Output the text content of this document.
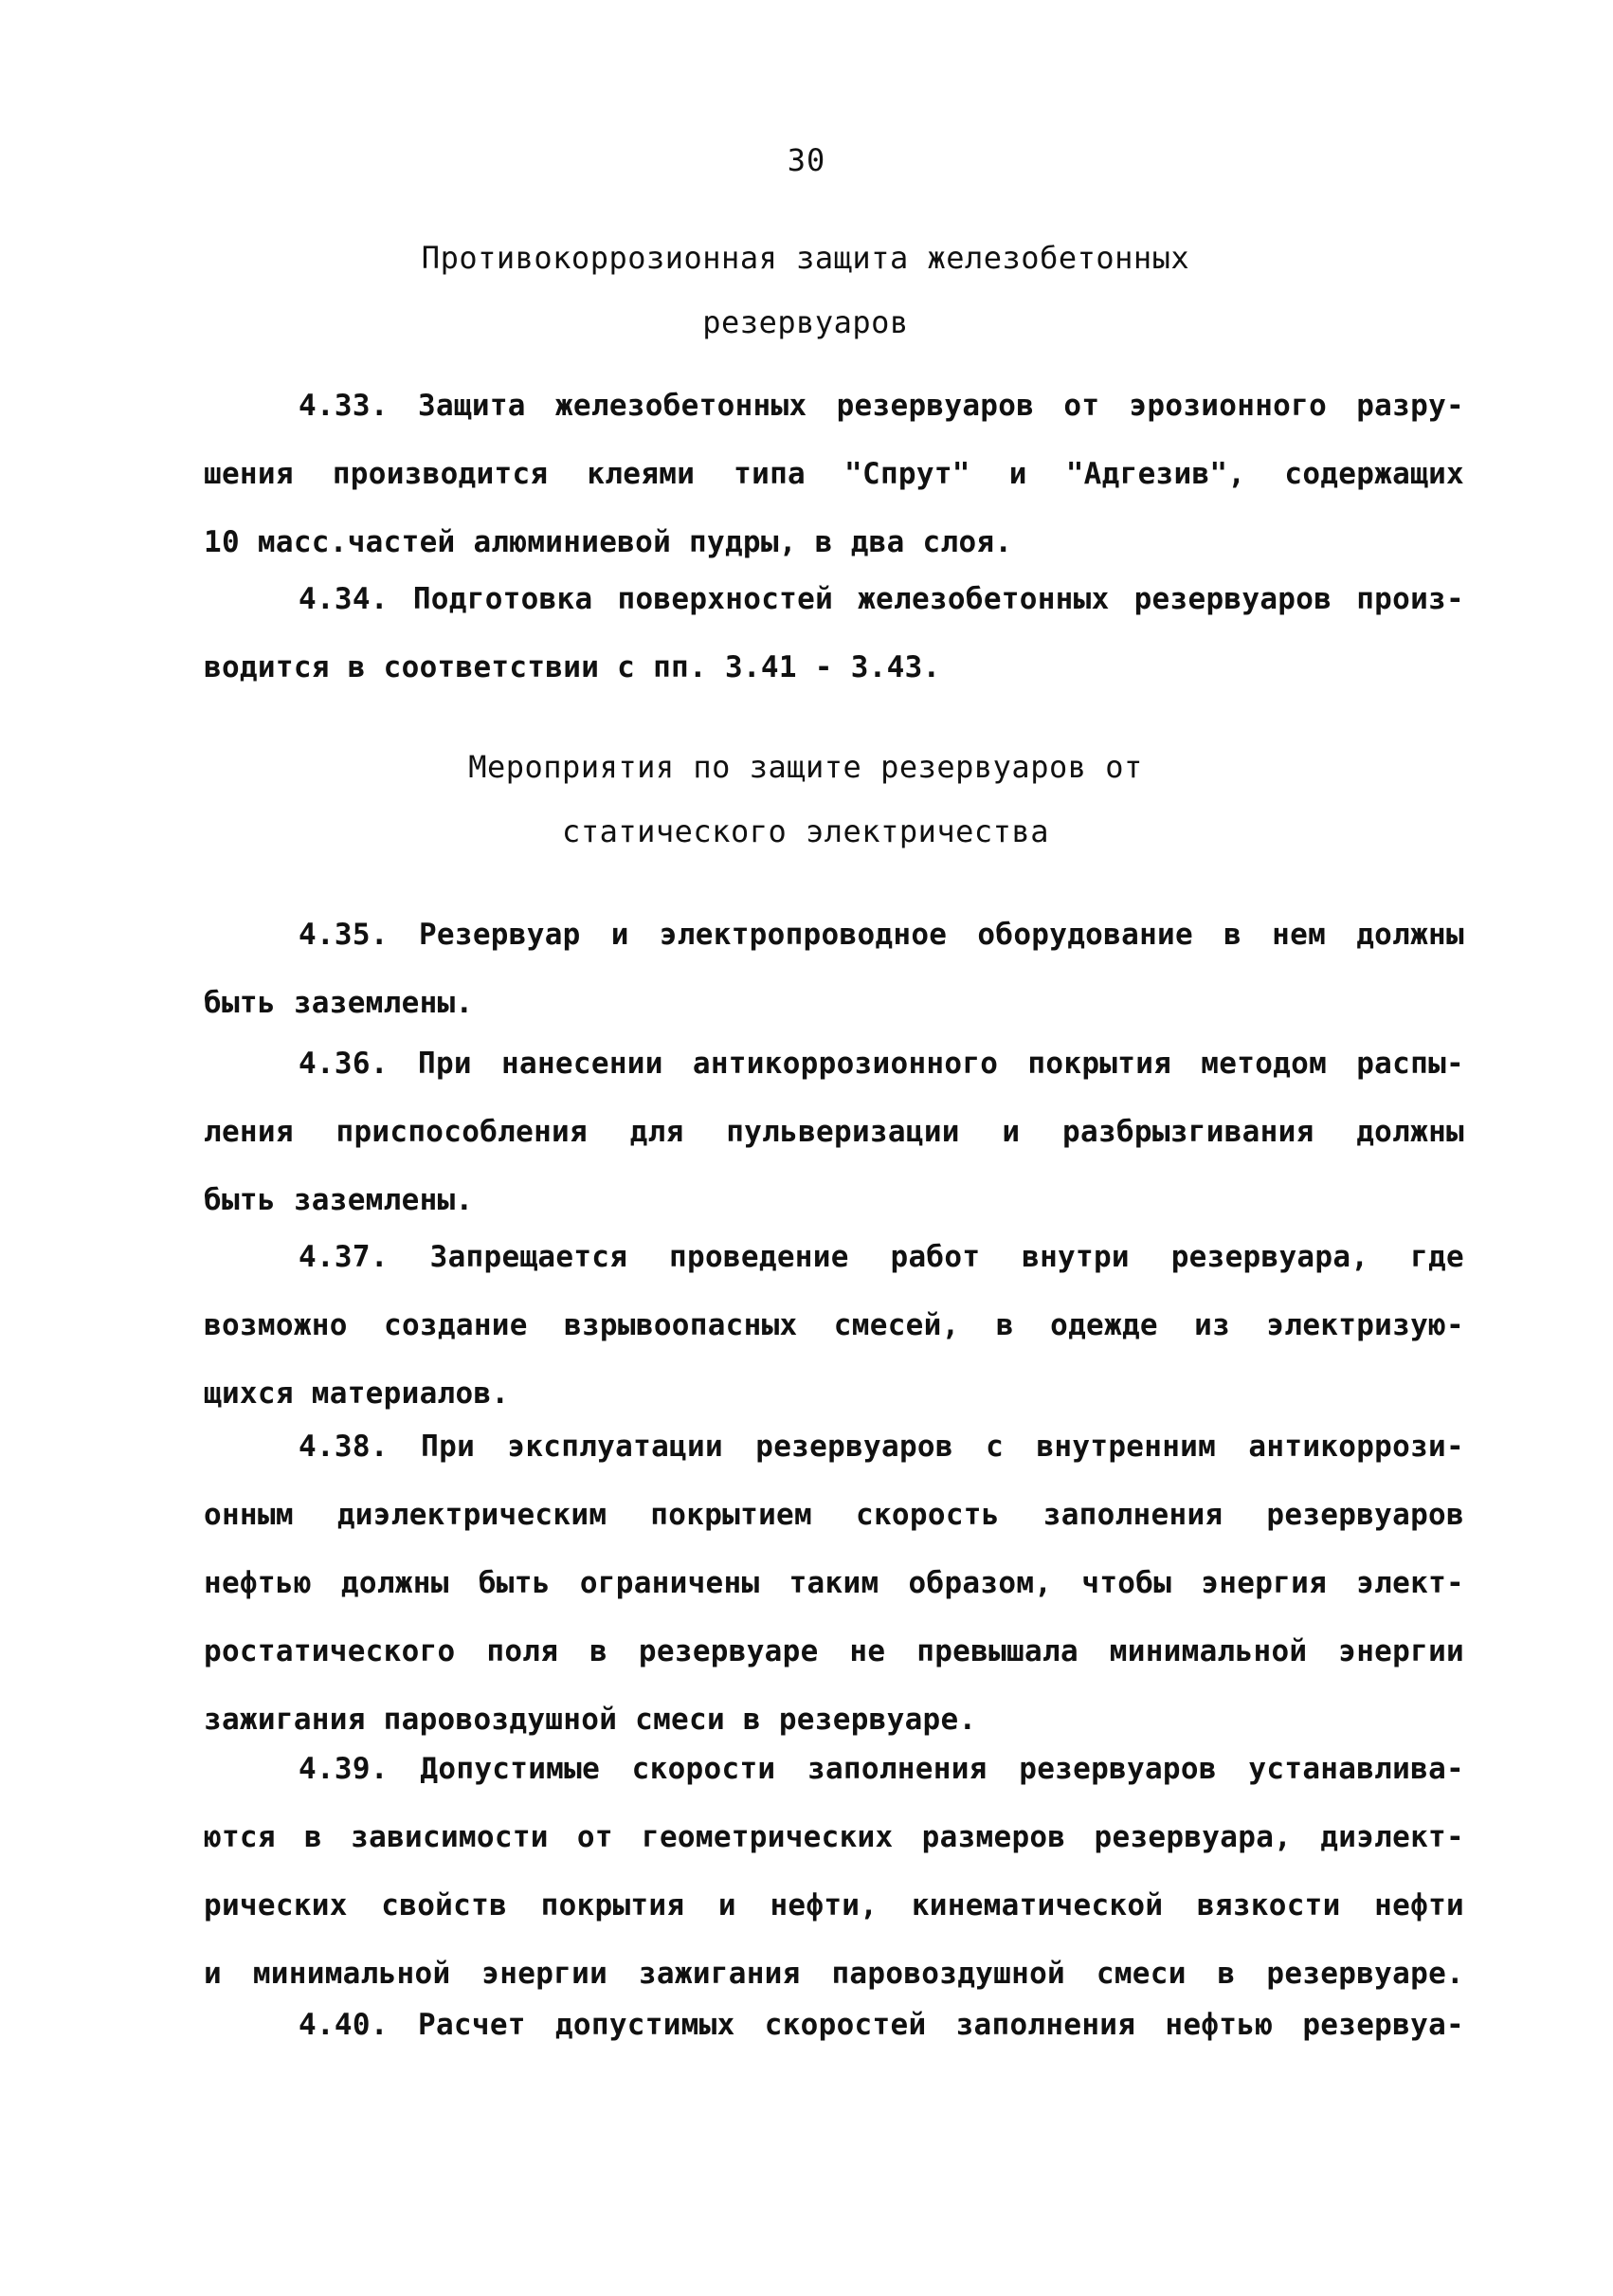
30
Противокоррозионная защита железобетонных
резервуаров
4.33. Защита железобетонных резервуаров от эрозионного разру-
шения производится клеями типа "Спрут" и "Адгезив", содержащих
10 масс.частей алюминиевой пудры, в два слоя.
4.34. Подготовка поверхностей железобетонных резервуаров произ-
водится в соответствии с пп. 3.41 - 3.43.
Мероприятия по защите резервуаров от
статического электричества
4.35. Резервуар и электропроводное оборудование в нем должны
быть заземлены.
4.36. При нанесении антикоррозионного покрытия методом распы-
ления приспособления для пульверизации и разбрызгивания должны
быть заземлены.
4.37. Запрещается проведение работ внутри резервуара, где
возможно создание взрывоопасных смесей, в одежде из электризую-
щихся материалов.
4.38. При эксплуатации резервуаров с внутренним антикоррози-
онным диэлектрическим покрытием скорость заполнения резервуаров
нефтью должны быть ограничены таким образом, чтобы энергия элект-
ростатического поля в резервуаре не превышала минимальной энергии
зажигания паровоздушной смеси в резервуаре.
4.39. Допустимые скорости заполнения резервуаров устанавлива-
ются в зависимости от геометрических размеров резервуара, диэлект-
рических свойств покрытия и нефти, кинематической вязкости нефти
и минимальной энергии зажигания паровоздушной смеси в резервуаре.
4.40. Расчет допустимых скоростей заполнения нефтью резервуа-
